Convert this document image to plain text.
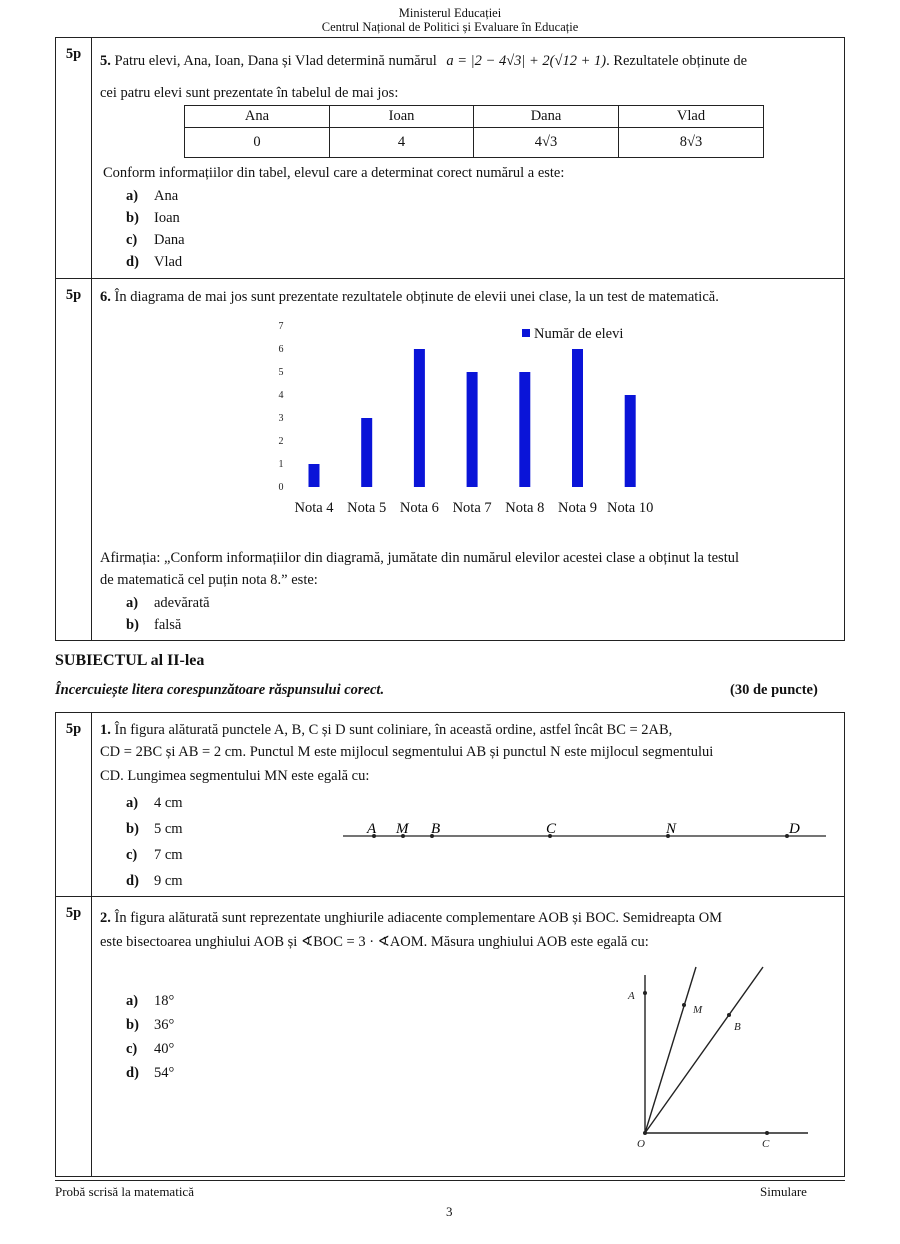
Ministerul Educației
Centrul Național de Politici și Evaluare în Educație
5p	5. Patru elevi, Ana, Ioan, Dana și Vlad determină numărul a = |2 − 4√3| + 2(√12 + 1). Rezultatele obținute de
cei patru elevi sunt prezentate în tabelul de mai jos:
Ana	Ioan	Dana	Vlad
0	4	4√3	8√3
Conform informațiilor din tabel, elevul care a determinat corect numărul a este:
a) Ana
b) Ioan
c) Dana
d) Vlad
5p	6. În diagrama de mai jos sunt prezentate rezultatele obținute de elevii unei clase, la un test de matematică.
Afirmația: „Conform informațiilor din diagramă, jumătate din numărul elevilor acestei clase a obținut la testul
de matematică cel puțin nota 8.” este:
a) adevărată
b) falsă
0
1
2
3
4
5
6
7
Nota 4 Nota 5 Nota 6 Nota 7 Nota 8 Nota 9 Nota 10
Număr de elevi
SUBIECTUL al II-lea
Încercuiește litera corespunzătoare răspunsului corect.	(30 de puncte)
5p	1. În figura alăturată punctele A, B, C și D sunt coliniare, în această ordine, astfel încât BC = 2AB,
CD = 2BC și AB = 2 cm. Punctul M este mijlocul segmentului AB și punctul N este mijlocul segmentului
CD. Lungimea segmentului MN este egală cu:
a) 4 cm
b) 5 cm
c) 7 cm
d) 9 cm
A M B	C	N	D
5p	2. În figura alăturată sunt reprezentate unghiurile adiacente complementare AOB și BOC. Semidreapta OM
este bisectoarea unghiului AOB și ∢BOC = 3 · ∢AOM. Măsura unghiului AOB este egală cu:
a) 18°
b) 36°
c) 40°
d) 54°
A
M
B
O	C
Probă scrisă la matematică	Simulare
3
